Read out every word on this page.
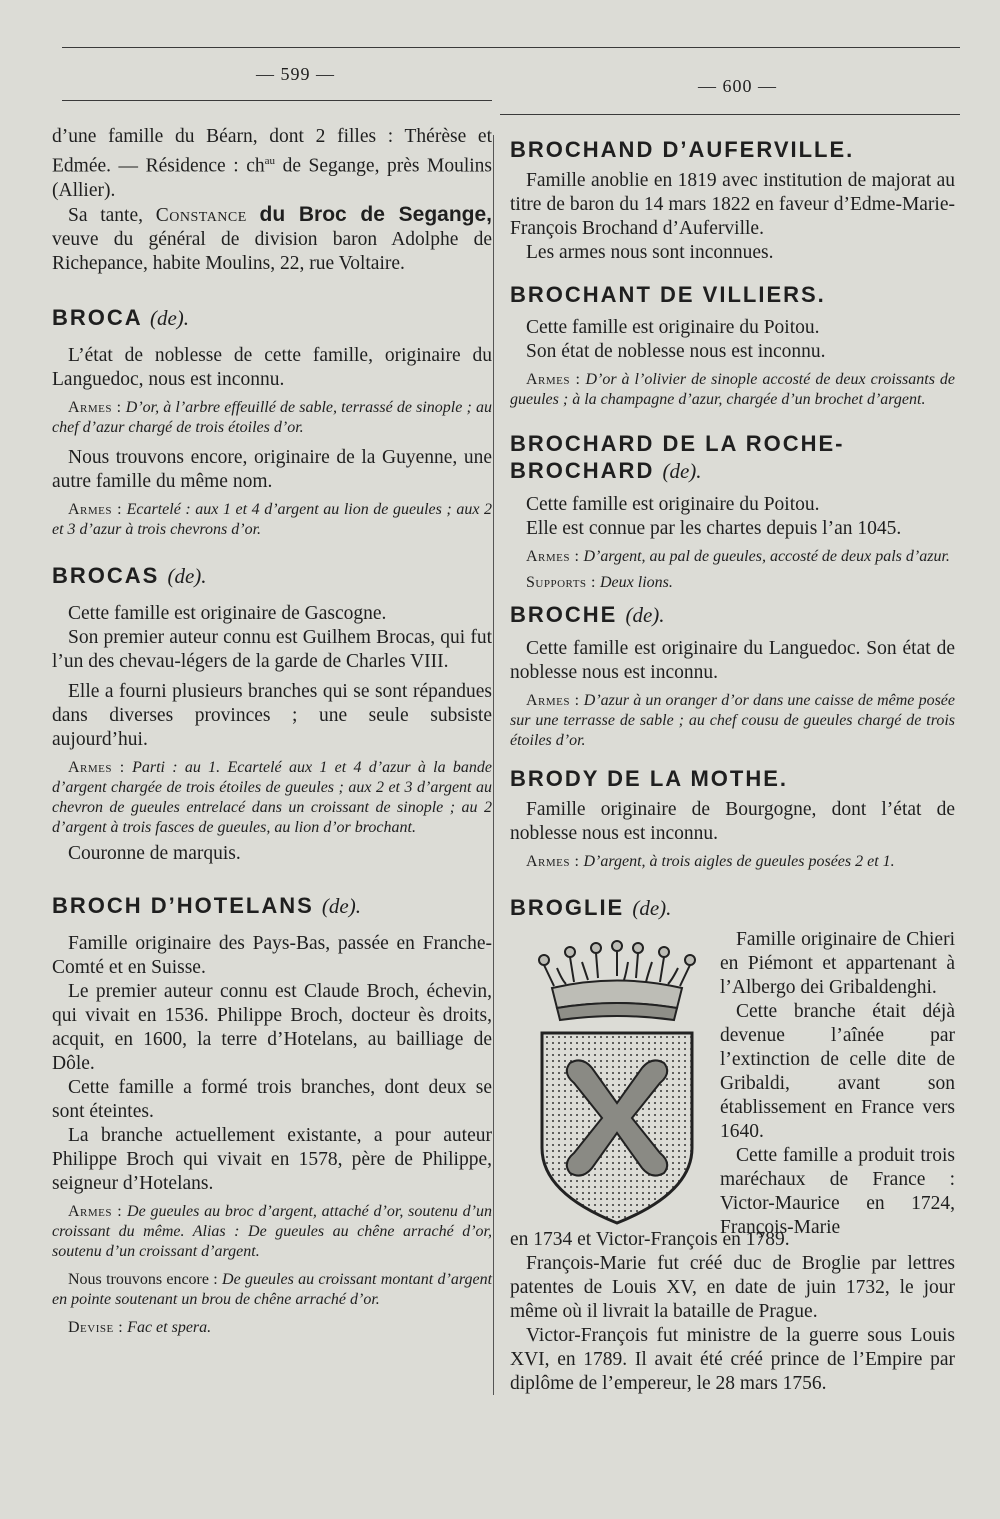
— 599 —
— 600 —

d’une famille du Béarn, dont 2 filles : Thérèse et Edmée. — Résidence : $ch^{au}$ de Segange, près Moulins (Allier).

Sa tante, Constance du Broc de Segange, veuve du général de division baron Adolphe de Richepance, habite Moulins, 22, rue Voltaire.

BROCA (de).

L’état de noblesse de cette famille, originaire du Languedoc, nous est inconnu.

Armes : D’or, à l’arbre effeuillé de sable, terrassé de sinople ; au chef d’azur chargé de trois étoiles d’or.

Nous trouvons encore, originaire de la Guyenne, une autre famille du même nom.

Armes : Ecartelé : aux 1 et 4 d’argent au lion de gueules ; aux 2 et 3 d’azur à trois chevrons d’or.

BROCAS (de).

Cette famille est originaire de Gascogne.

Son premier auteur connu est Guilhem Brocas, qui fut l’un des chevau-légers de la garde de Charles VIII.

Elle a fourni plusieurs branches qui se sont répandues dans diverses provinces ; une seule subsiste aujourd’hui.

Armes : Parti : au 1. Ecartelé aux 1 et 4 d’azur à la bande d’argent chargée de trois étoiles de gueules ; aux 2 et 3 d’argent au chevron de gueules entrelacé dans un croissant de sinople ; au 2 d’argent à trois fasces de gueules, au lion d’or brochant.

Couronne de marquis.

BROCH D’HOTELANS (de).

Famille originaire des Pays-Bas, passée en Franche-Comté et en Suisse.

Le premier auteur connu est Claude Broch, échevin, qui vivait en 1536. Philippe Broch, docteur ès droits, acquit, en 1600, la terre d’Hotelans, au bailliage de Dôle.

Cette famille a formé trois branches, dont deux se sont éteintes.

La branche actuellement existante, a pour auteur Philippe Broch qui vivait en 1578, père de Philippe, seigneur d’Hotelans.

Armes : De gueules au broc d’argent, attaché d’or, soutenu d’un croissant du même. Alias : De gueules au chêne arraché d’or, soutenu d’un croissant d’argent.

Nous trouvons encore : De gueules au croissant montant d’argent en pointe soutenant un brou de chêne arraché d’or.

Devise : Fac et spera.

BROCHAND D’AUFERVILLE.

Famille anoblie en 1819 avec institution de majorat au titre de baron du 14 mars 1822 en faveur d’Edme-Marie-François Brochand d’Auferville.

Les armes nous sont inconnues.

BROCHANT DE VILLIERS.

Cette famille est originaire du Poitou.

Son état de noblesse nous est inconnu.

Armes : D’or à l’olivier de sinople accosté de deux croissants de gueules ; à la champagne d’azur, chargée d’un brochet d’argent.

BROCHARD DE LA ROCHE-BROCHARD (de).

Cette famille est originaire du Poitou.

Elle est connue par les chartes depuis l’an 1045.

Armes : D’argent, au pal de gueules, accosté de deux pals d’azur.

Supports : Deux lions.

BROCHE (de).

Cette famille est originaire du Languedoc. Son état de noblesse nous est inconnu.

Armes : D’azur à un oranger d’or dans une caisse de même posée sur une terrasse de sable ; au chef cousu de gueules chargé de trois étoiles d’or.

BRODY DE LA MOTHE.

Famille originaire de Bourgogne, dont l’état de noblesse nous est inconnu.

Armes : D’argent, à trois aigles de gueules posées 2 et 1.

BROGLIE (de).

Famille originaire de Chieri en Piémont et appartenant à l’Albergo dei Gribaldenghi.

Cette branche était déjà devenue l’aînée par l’extinction de celle dite de Gribaldi, avant son établissement en France vers 1640.

Cette famille a produit trois maréchaux de France : Victor-Maurice en 1724, François-Marie

en 1734 et Victor-François en 1789.

François-Marie fut créé duc de Broglie par lettres patentes de Louis XV, en date de juin 1732, le jour même où il livrait la bataille de Prague.

Victor-François fut ministre de la guerre sous Louis XVI, en 1789. Il avait été créé prince de l’Empire par diplôme de l’empereur, le 28 mars 1756.
